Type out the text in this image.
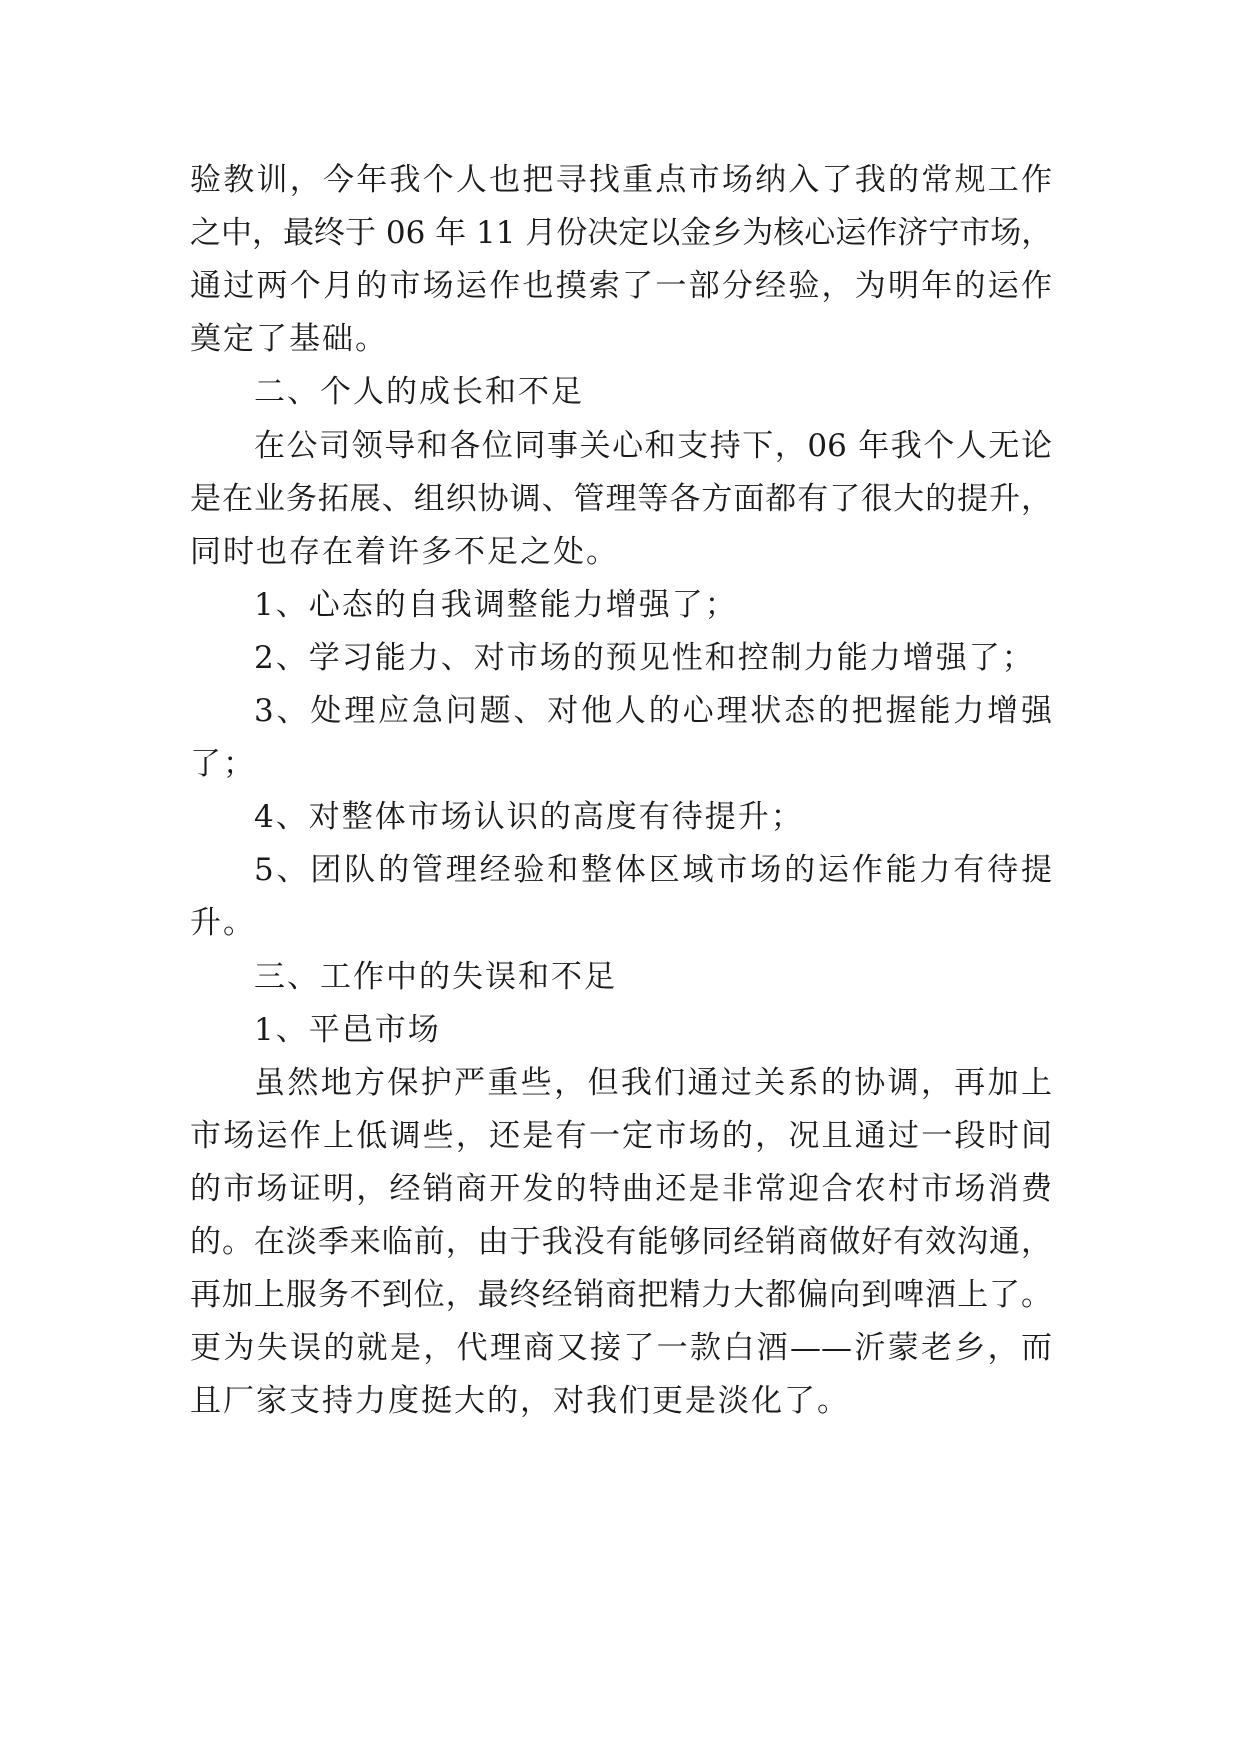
验教训，今年我个人也把寻找重点市场纳入了我的常规工作
之中，最终于 06 年 11 月份决定以金乡为核心运作济宁市场，
通过两个月的市场运作也摸索了一部分经验，为明年的运作
奠定了基础。
二、个人的成长和不足
在公司领导和各位同事关心和支持下，06 年我个人无论
是在业务拓展、组织协调、管理等各方面都有了很大的提升，
同时也存在着许多不足之处。
1、心态的自我调整能力增强了；
2、学习能力、对市场的预见性和控制力能力增强了；
3、处理应急问题、对他人的心理状态的把握能力增强
了；
4、对整体市场认识的高度有待提升；
5、团队的管理经验和整体区域市场的运作能力有待提
升。
三、工作中的失误和不足
1、平邑市场
虽然地方保护严重些，但我们通过关系的协调，再加上
市场运作上低调些，还是有一定市场的，况且通过一段时间
的市场证明，经销商开发的特曲还是非常迎合农村市场消费
的。在淡季来临前，由于我没有能够同经销商做好有效沟通，
再加上服务不到位，最终经销商把精力大都偏向到啤酒上了。
更为失误的就是，代理商又接了一款白酒——沂蒙老乡，而
且厂家支持力度挺大的，对我们更是淡化了。
